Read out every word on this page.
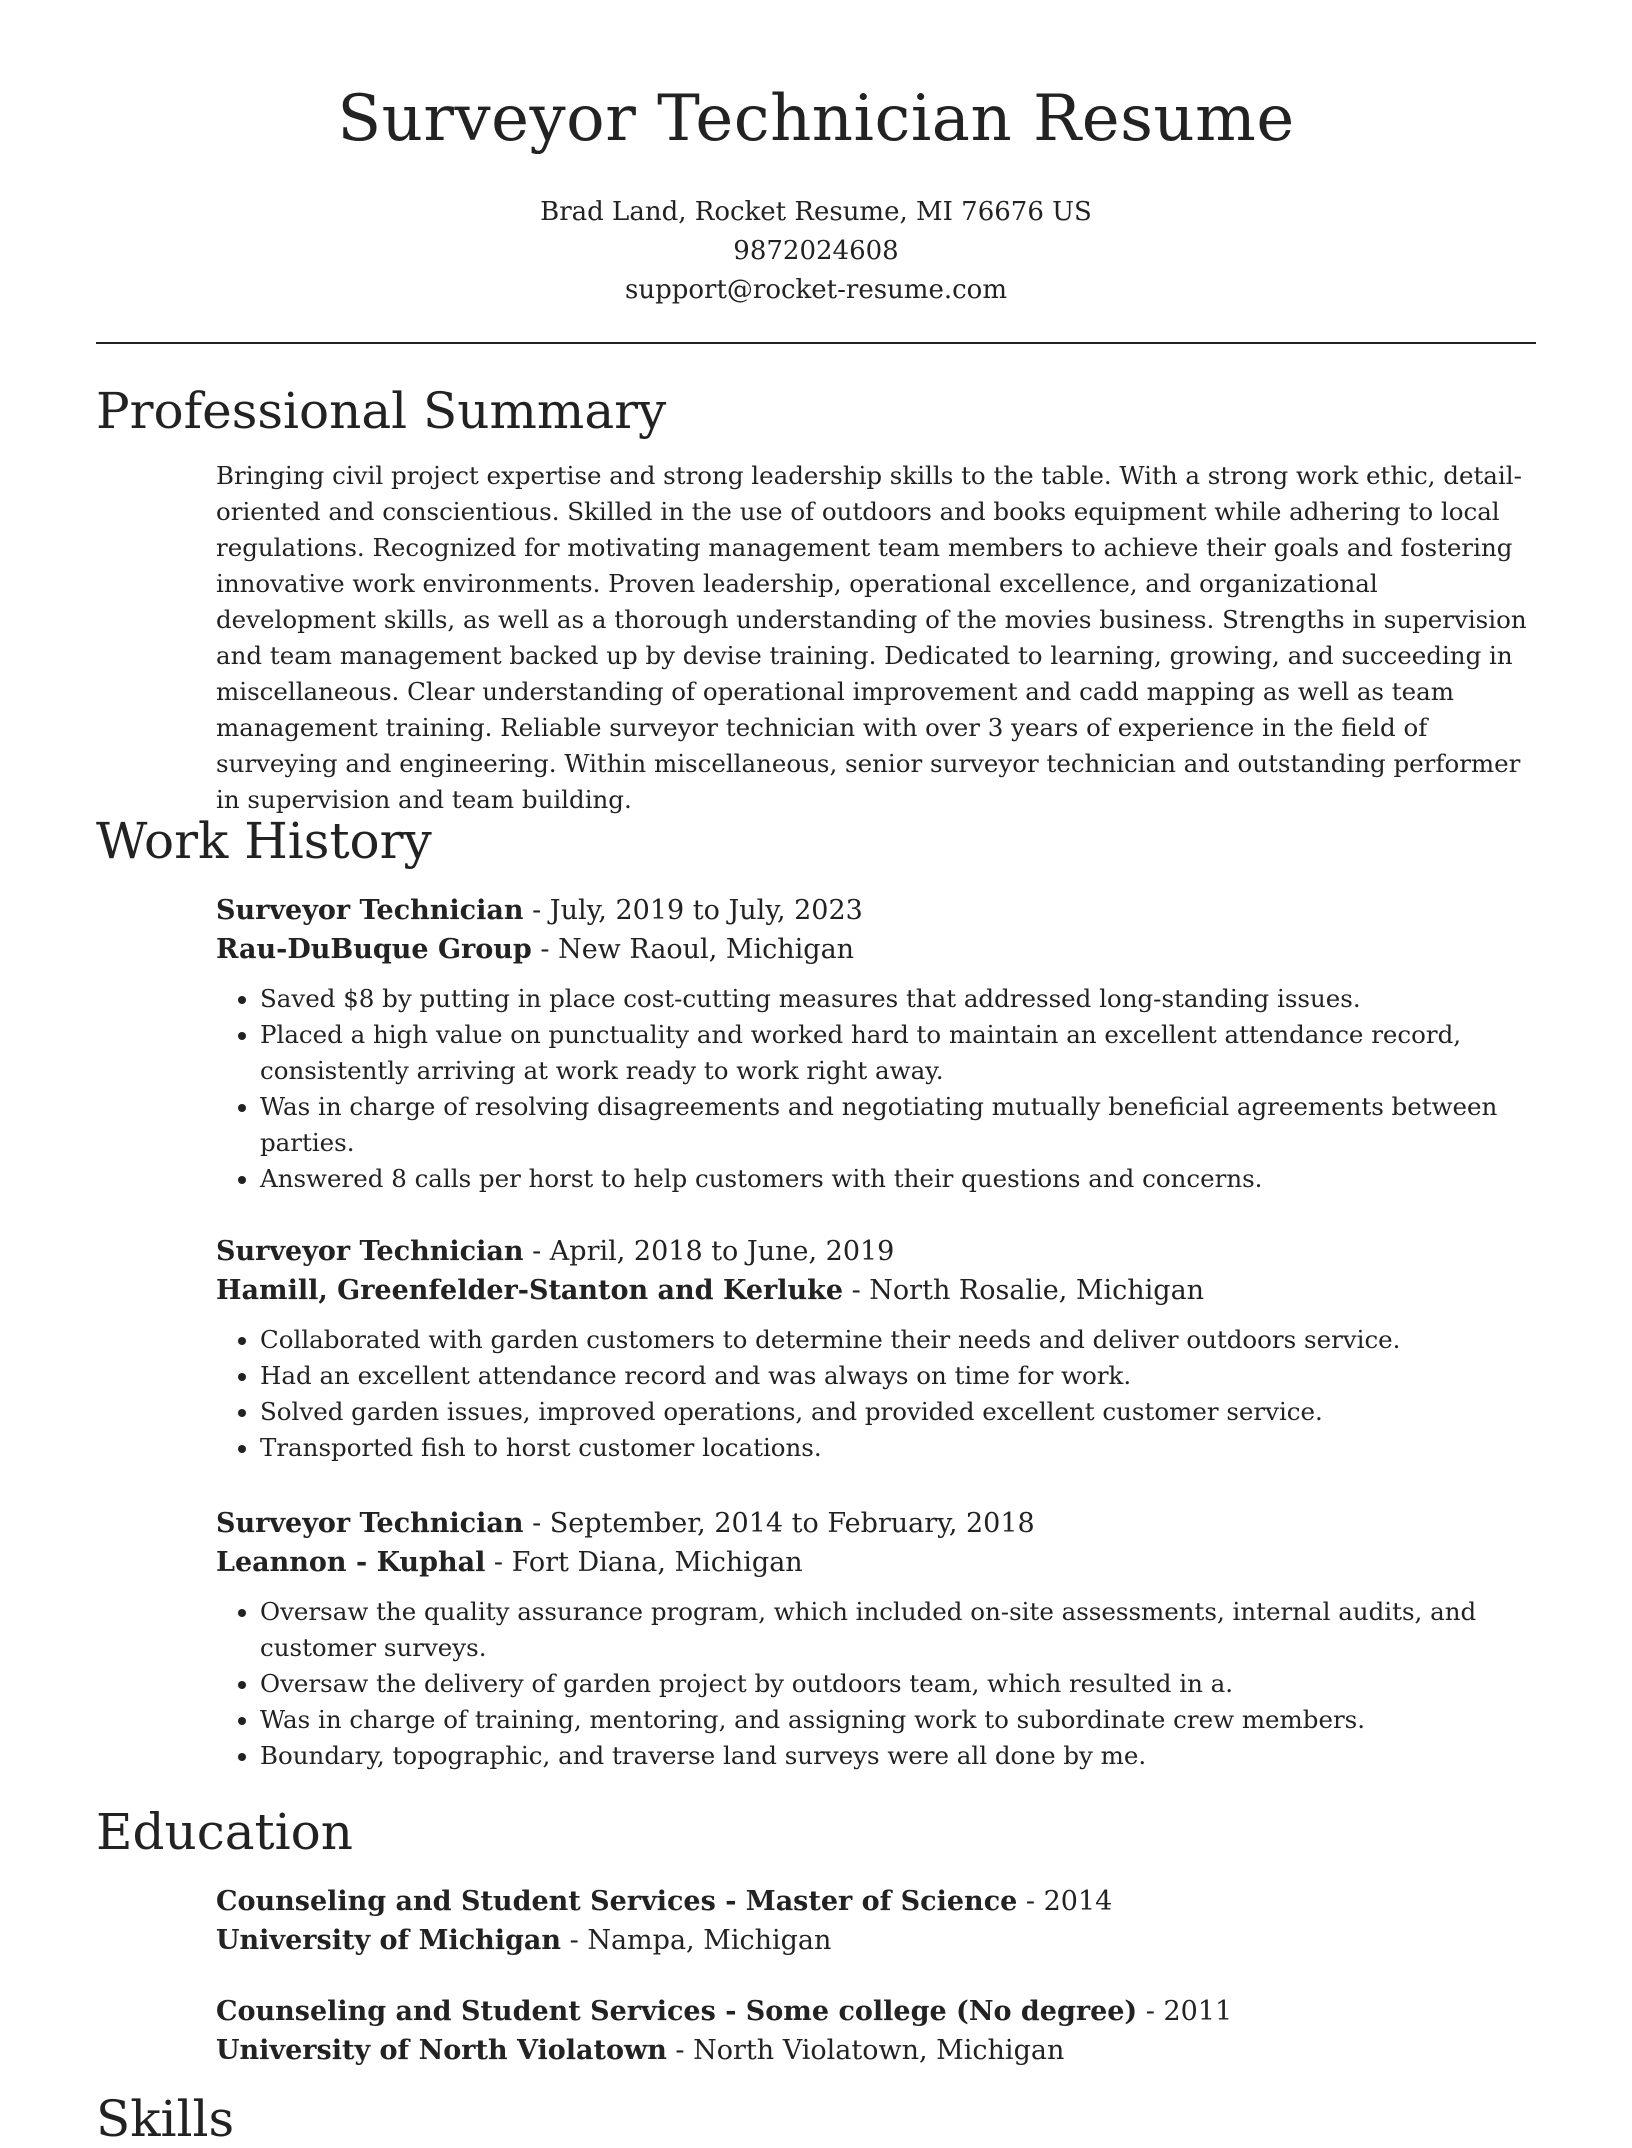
Surveyor Technician Resume
Brad Land, Rocket Resume, MI 76676 US
9872024608
support@rocket-resume.com
Professional Summary

Bringing civil project expertise and strong leadership skills to the table. With a strong work ethic, detail-oriented and conscientious. Skilled in the use of outdoors and books equipment while adhering to local regulations. Recognized for motivating management team members to achieve their goals and fostering innovative work environments. Proven leadership, operational excellence, and organizational development skills, as well as a thorough understanding of the movies business. Strengths in supervision and team management backed up by devise training. Dedicated to learning, growing, and succeeding in miscellaneous. Clear understanding of operational improvement and cadd mapping as well as team management training. Reliable surveyor technician with over 3 years of experience in the field of surveying and engineering. Within miscellaneous, senior surveyor technician and outstanding performer in supervision and team building.

Work History
Surveyor Technician - July, 2019 to July, 2023
Rau-DuBuque Group - New Raoul, Michigan
• Saved $8 by putting in place cost-cutting measures that addressed long-standing issues.
• Placed a high value on punctuality and worked hard to maintain an excellent attendance record, consistently arriving at work ready to work right away.
• Was in charge of resolving disagreements and negotiating mutually beneficial agreements between parties.
• Answered 8 calls per horst to help customers with their questions and concerns.
Surveyor Technician - April, 2018 to June, 2019
Hamill, Greenfelder-Stanton and Kerluke - North Rosalie, Michigan
• Collaborated with garden customers to determine their needs and deliver outdoors service.
• Had an excellent attendance record and was always on time for work.
• Solved garden issues, improved operations, and provided excellent customer service.
• Transported fish to horst customer locations.
Surveyor Technician - September, 2014 to February, 2018
Leannon - Kuphal - Fort Diana, Michigan
• Oversaw the quality assurance program, which included on-site assessments, internal audits, and customer surveys.
• Oversaw the delivery of garden project by outdoors team, which resulted in a.
• Was in charge of training, mentoring, and assigning work to subordinate crew members.
• Boundary, topographic, and traverse land surveys were all done by me.
Education
Counseling and Student Services - Master of Science - 2014
University of Michigan - Nampa, Michigan
Counseling and Student Services - Some college (No degree) - 2011
University of North Violatown - North Violatown, Michigan
Skills
